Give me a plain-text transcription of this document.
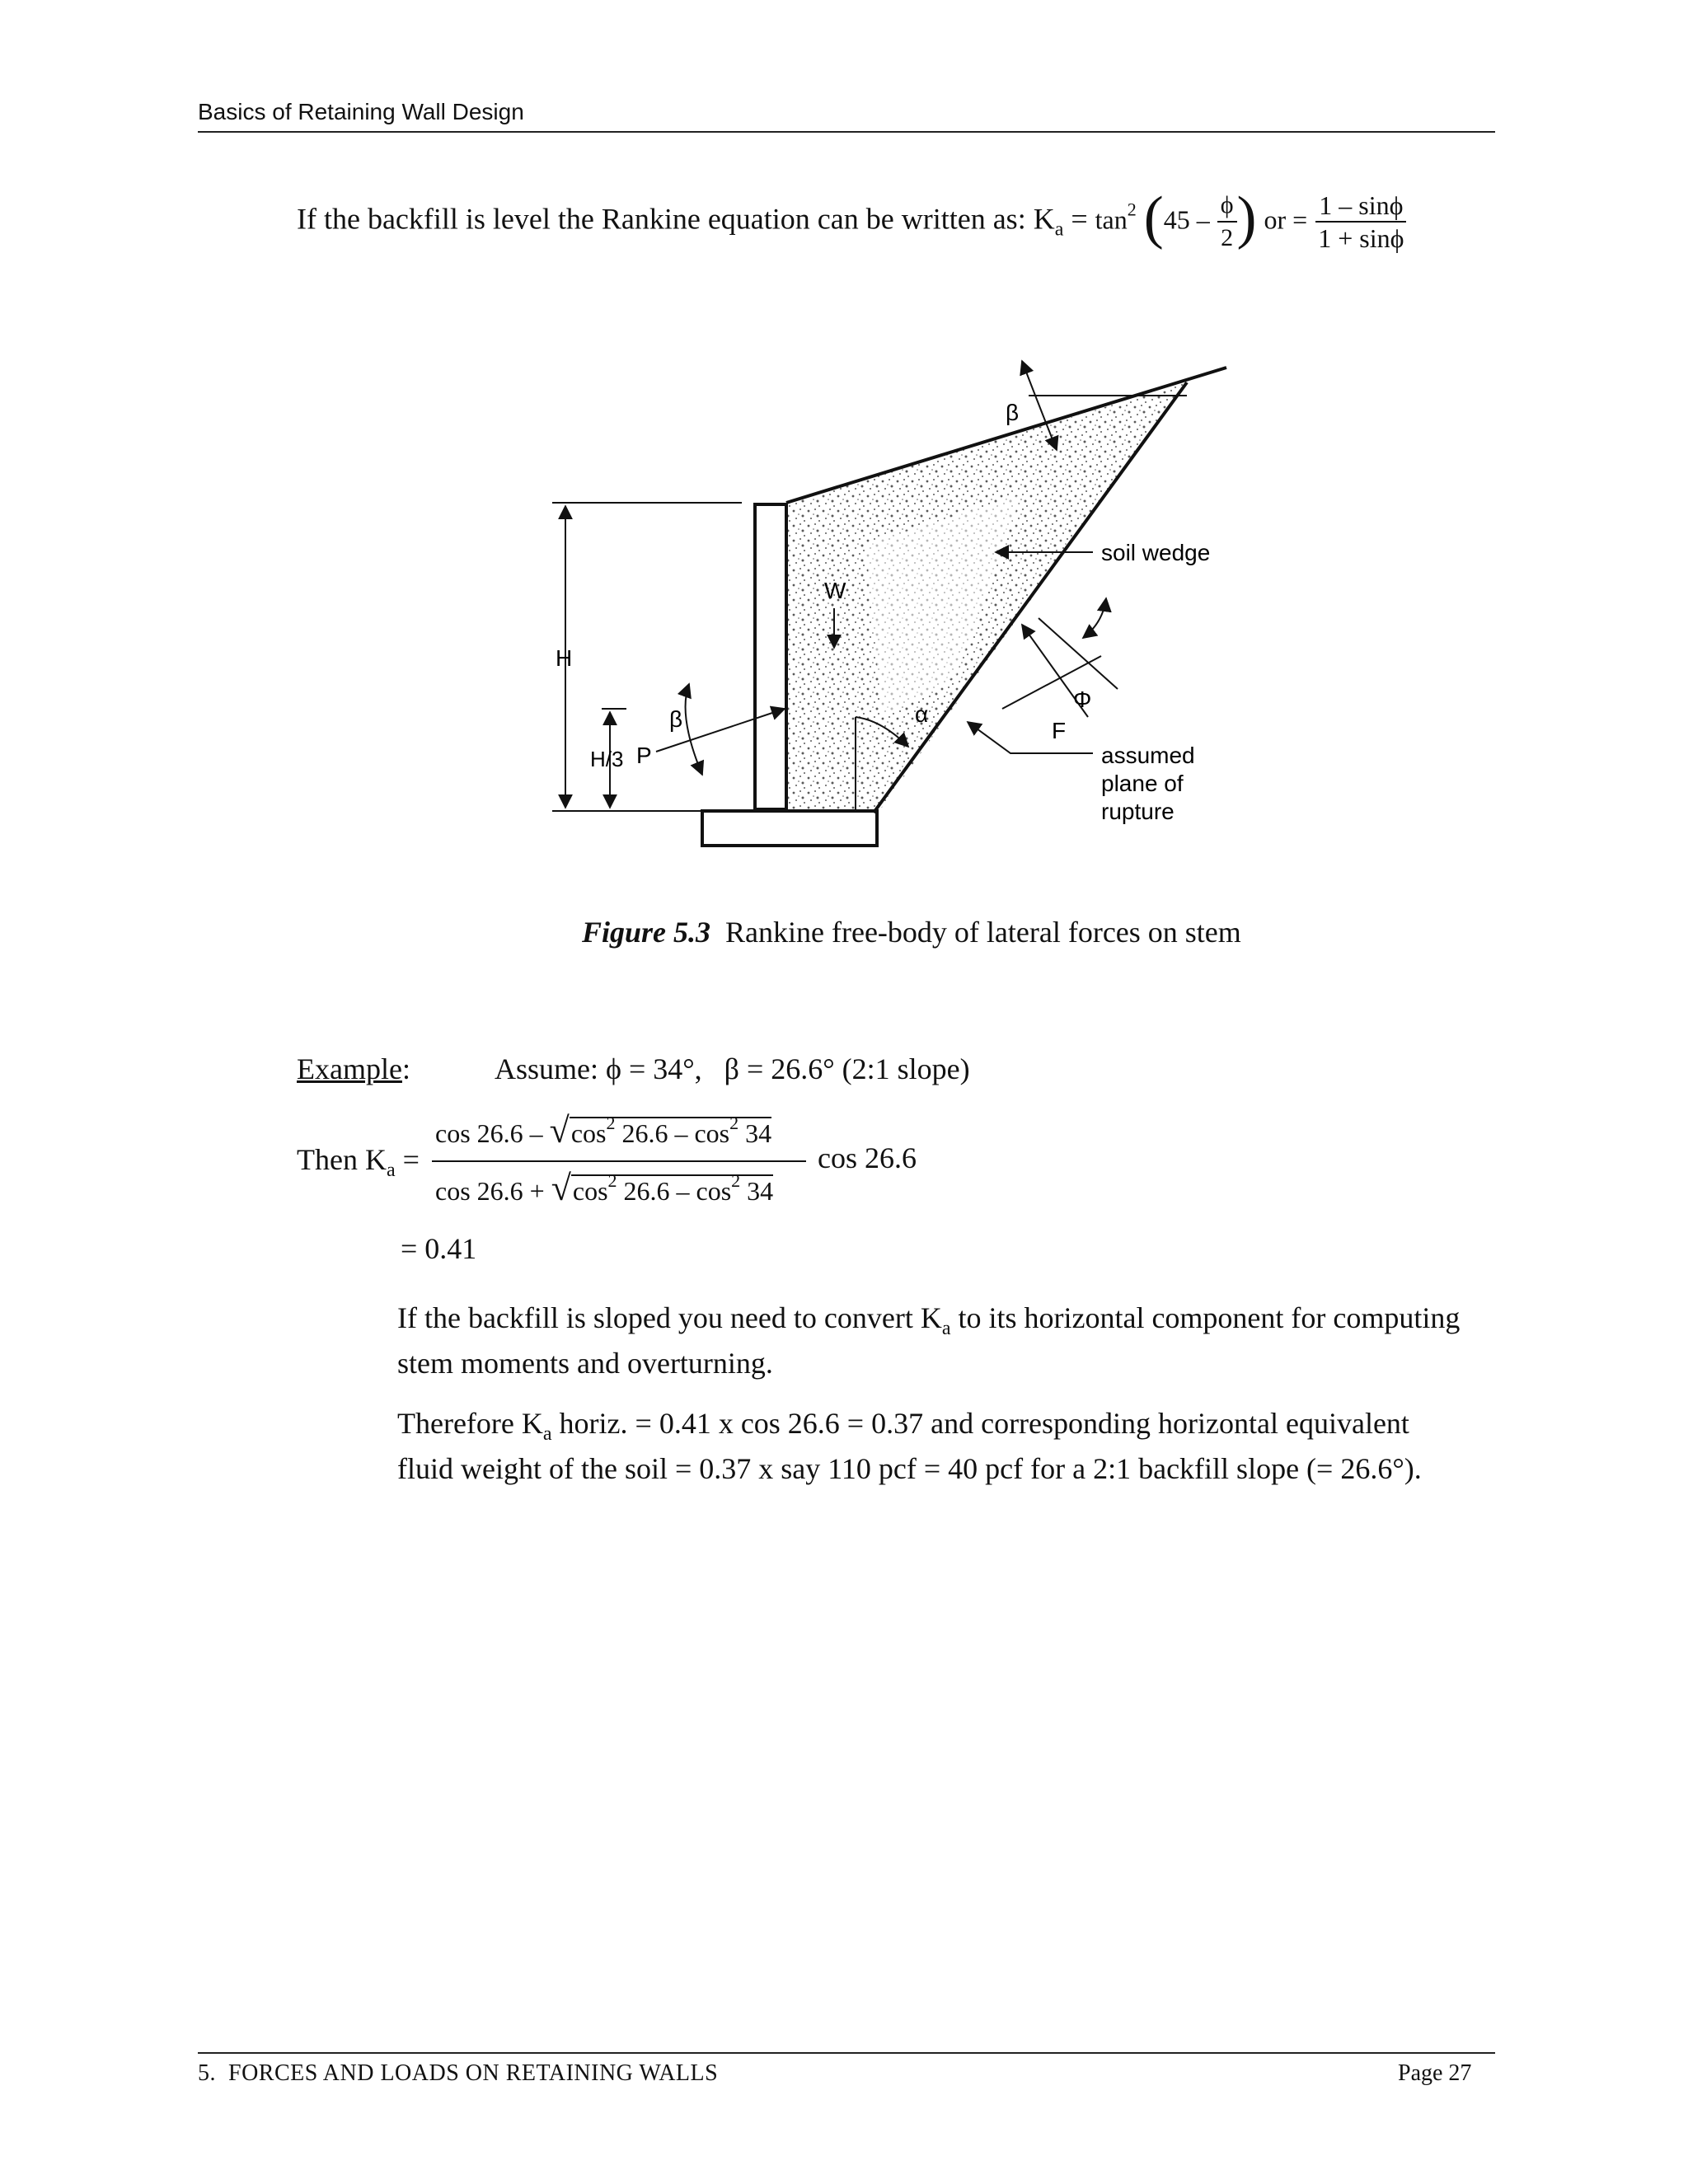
Basics of Retaining Wall Design
If the backfill is level the Rankine equation can be written as: $K_a = \tan^2 (45 - \frac{\phi}{2}$ ) or = $\frac{1 - \sin\phi}{1 + \sin\phi}$
H
H/3 P
β
W
β
soil wedge
α
Φ
F
assumed
plane of
rupture
Figure 5.3 Rankine free-body of lateral forces on stem
Example:	Assume: ϕ = 34°,   β = 26.6° (2:1 slope)
Then $K_a$ =
$\cos 26.6 - √\cos^2$ $26.6 - \cos^2 34$
$\cos 26.6 + √\cos^2$ $26.6 - \cos^2 34$
cos 26.6
= 0.41
If the backfill is sloped you need to convert $K_a$ to its horizontal component for computing
stem moments and overturning.
Therefore $K_a$ horiz. = 0.41 x cos 26.6 = 0.37 and corresponding horizontal equivalent
fluid weight of the soil = 0.37 x say 110 pcf = 40 pcf for a 2:1 backfill slope (= 26.6°).
5.  FORCES AND LOADS ON RETAINING WALLS	Page 27
